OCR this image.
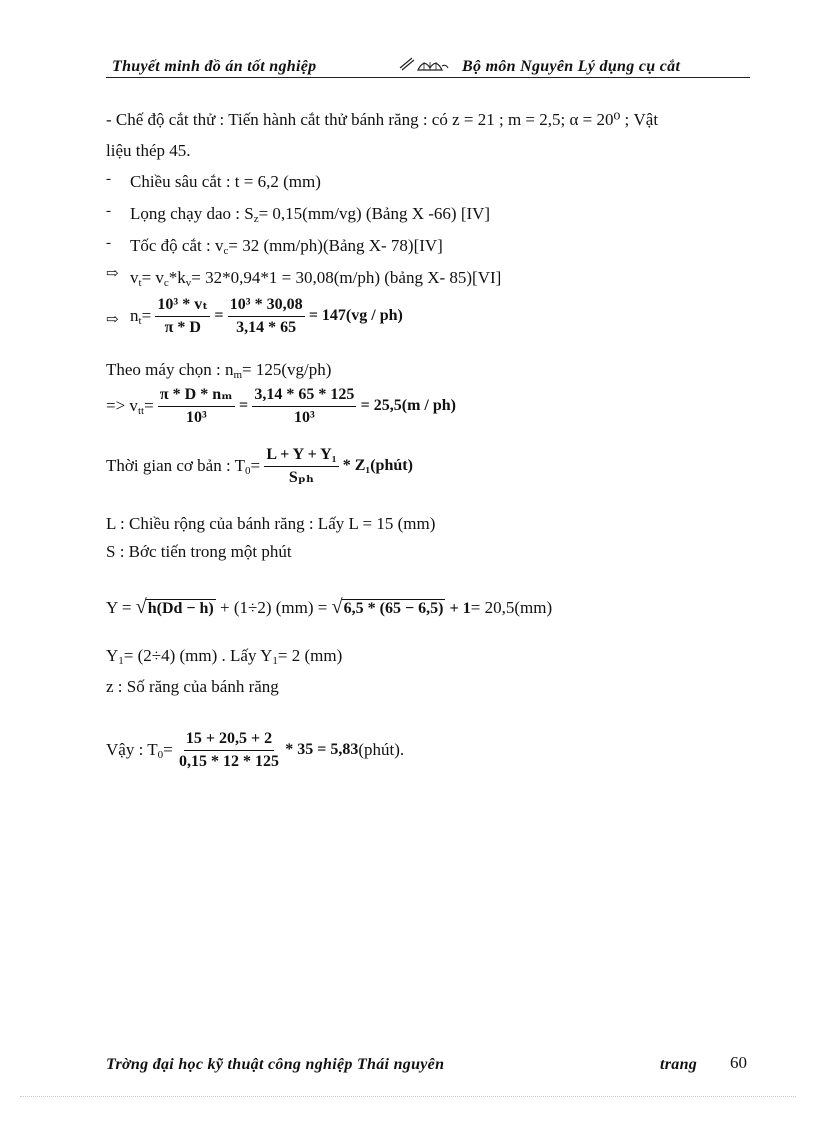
Thuyết minh đồ án tốt nghiệp	Bộ môn Nguyên Lý dụng cụ cắt
- Chế độ cắt thử : Tiến hành cắt thử bánh răng : có z = 21 ; m = 2,5; α = 20⁰ ; Vật
liệu thép 45.
- Chiều sâu cắt : t = 6,2 (mm)
- Lọng chạy dao : $S_z= 0,15(mm/vg)$ (Bảng X -66) [IV]
- Tốc độ cắt : $v_c= 32$ (mm/ph)(Bảng X- 78)[IV]
⇨ $v_t= v_c*k_v= 32*0,94*1 = 30,08(m/ph)$ (bảng X- 85)[VI]
⇨ $n_t= \frac{\text{10³ * vₜ}}{\pi * D} = \frac{\text{10³ * 30,08}}{3,14 * 65} = 147(vg / ph)$
Theo máy chọn : $n_m= 125(vg/ph)$
=> $v_{tt}= \frac{\text{π * D * nₘ}}{\text{10³}} = \frac{3,14 * 65 * 125}{\text{10³}} = 25,5(m / ph)$
Thời gian cơ bản : $T_0= \frac{\text{L + Y + Y₁}}{\text{Sₚₕ}}$ * Z₁(phút)
L : Chiều rộng của bánh răng : Lấy L = 15 (mm)
S : Bớc tiến trong một phút
Y = √ h(Dd − h) + (1÷2) (mm) = √ 6,5 * (65 − 6,5) + 1= 20,5(mm)
$Y_1= (2\div 4)$ (mm) . Lấy $Y_1= 2$ (mm)
z : Số răng của bánh răng
Vậy : $T_0= \frac{15 + 20,5 + 2}{0,15 * 12 * 125} * 35$ = 5,83(phút).
Trờng đại học kỹ thuật công nghiệp Thái nguyên	trang 60
